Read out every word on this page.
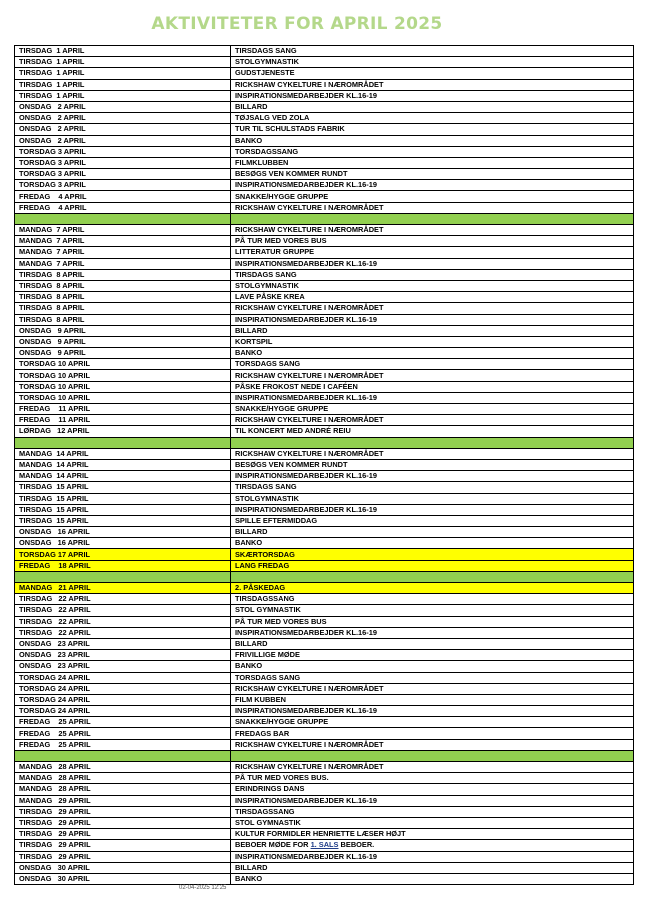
AKTIVITETER FOR APRIL 2025
TIRSDAG  1 APRIL	TIRSDAGS SANG
TIRSDAG  1 APRIL	STOLGYMNASTIK
TIRSDAG  1 APRIL	GUDSTJENESTE
TIRSDAG  1 APRIL	RICKSHAW CYKELTURE I NÆROMRÅDET
TIRSDAG  1 APRIL	INSPIRATIONSMEDARBEJDER KL.16-19
ONSDAG   2 APRIL	BILLARD
ONSDAG   2 APRIL	TØJSALG VED ZOLA
ONSDAG   2 APRIL	TUR TIL SCHULSTADS FABRIK
ONSDAG   2 APRIL	BANKO
TORSDAG 3 APRIL	TORSDAGSSANG
TORSDAG 3 APRIL	FILMKLUBBEN
TORSDAG 3 APRIL	BESØGS VEN KOMMER RUNDT
TORSDAG 3 APRIL	INSPIRATIONSMEDARBEJDER KL.16-19
FREDAG    4 APRIL	SNAKKE/HYGGE GRUPPE
FREDAG    4 APRIL	RICKSHAW CYKELTURE I NÆROMRÅDET

MANDAG  7 APRIL	RICKSHAW CYKELTURE I NÆROMRÅDET
MANDAG  7 APRIL	PÅ TUR MED VORES BUS
MANDAG  7 APRIL	LITTERATUR GRUPPE
MANDAG  7 APRIL	INSPIRATIONSMEDARBEJDER KL.16-19
TIRSDAG  8 APRIL	TIRSDAGS SANG
TIRSDAG  8 APRIL	STOLGYMNASTIK
TIRSDAG  8 APRIL	LAVE PÅSKE KREA
TIRSDAG  8 APRIL	RICKSHAW CYKELTURE I NÆROMRÅDET
TIRSDAG  8 APRIL	INSPIRATIONSMEDARBEJDER KL.16-19
ONSDAG   9 APRIL	BILLARD
ONSDAG   9 APRIL	KORTSPIL
ONSDAG   9 APRIL	BANKO
TORSDAG 10 APRIL	TORSDAGS SANG
TORSDAG 10 APRIL	RICKSHAW CYKELTURE I NÆROMRÅDET
TORSDAG 10 APRIL	PÅSKE FROKOST NEDE I CAFÉEN
TORSDAG 10 APRIL	INSPIRATIONSMEDARBEJDER KL.16-19
FREDAG    11 APRIL	SNAKKE/HYGGE GRUPPE
FREDAG    11 APRIL	RICKSHAW CYKELTURE I NÆROMRÅDET
LØRDAG   12 APRIL	TIL KONCERT MED ANDRÉ REIU

MANDAG  14 APRIL	RICKSHAW CYKELTURE I NÆROMRÅDET
MANDAG  14 APRIL	BESØGS VEN KOMMER RUNDT
MANDAG  14 APRIL	INSPIRATIONSMEDARBEJDER KL.16-19
TIRSDAG  15 APRIL	TIRSDAGS SANG
TIRSDAG  15 APRIL	STOLGYMNASTIK
TIRSDAG  15 APRIL	INSPIRATIONSMEDARBEJDER KL.16-19
TIRSDAG  15 APRIL	SPILLE EFTERMIDDAG
ONSDAG   16 APRIL	BILLARD
ONSDAG   16 APRIL	BANKO
TORSDAG 17 APRIL	SKÆRTORSDAG
FREDAG    18 APRIL	LANG FREDAG

MANDAG   21 APRIL	2. PÅSKEDAG
TIRSDAG   22 APRIL	TIRSDAGSSANG
TIRSDAG   22 APRIL	STOL GYMNASTIK
TIRSDAG   22 APRIL	PÅ TUR MED VORES BUS
TIRSDAG   22 APRIL	INSPIRATIONSMEDARBEJDER KL.16-19
ONSDAG   23 APRIL	BILLARD
ONSDAG   23 APRIL	FRIVILLIGE MØDE
ONSDAG   23 APRIL	BANKO
TORSDAG 24 APRIL	TORSDAGS SANG
TORSDAG 24 APRIL	RICKSHAW CYKELTURE I NÆROMRÅDET
TORSDAG 24 APRIL	FILM KUBBEN
TORSDAG 24 APRIL	INSPIRATIONSMEDARBEJDER KL.16-19
FREDAG    25 APRIL	SNAKKE/HYGGE GRUPPE
FREDAG    25 APRIL	FREDAGS BAR
FREDAG    25 APRIL	RICKSHAW CYKELTURE I NÆROMRÅDET

MANDAG   28 APRIL	RICKSHAW CYKELTURE I NÆROMRÅDET
MANDAG   28 APRIL	PÅ TUR MED VORES BUS.
MANDAG   28 APRIL	ERINDRINGS DANS
MANDAG   29 APRIL	INSPIRATIONSMEDARBEJDER KL.16-19
TIRSDAG   29 APRIL	TIRSDAGSSANG
TIRSDAG   29 APRIL	STOL GYMNASTIK
TIRSDAG   29 APRIL	KULTUR FORMIDLER HENRIETTE LÆSER HØJT
TIRSDAG   29 APRIL	BEBOER MØDE FOR 1. SALS BEBOER.
TIRSDAG   29 APRIL	INSPIRATIONSMEDARBEJDER KL.16-19
ONSDAG   30 APRIL	BILLARD
ONSDAG   30 APRIL	BANKO
02-04-2025 12:25
